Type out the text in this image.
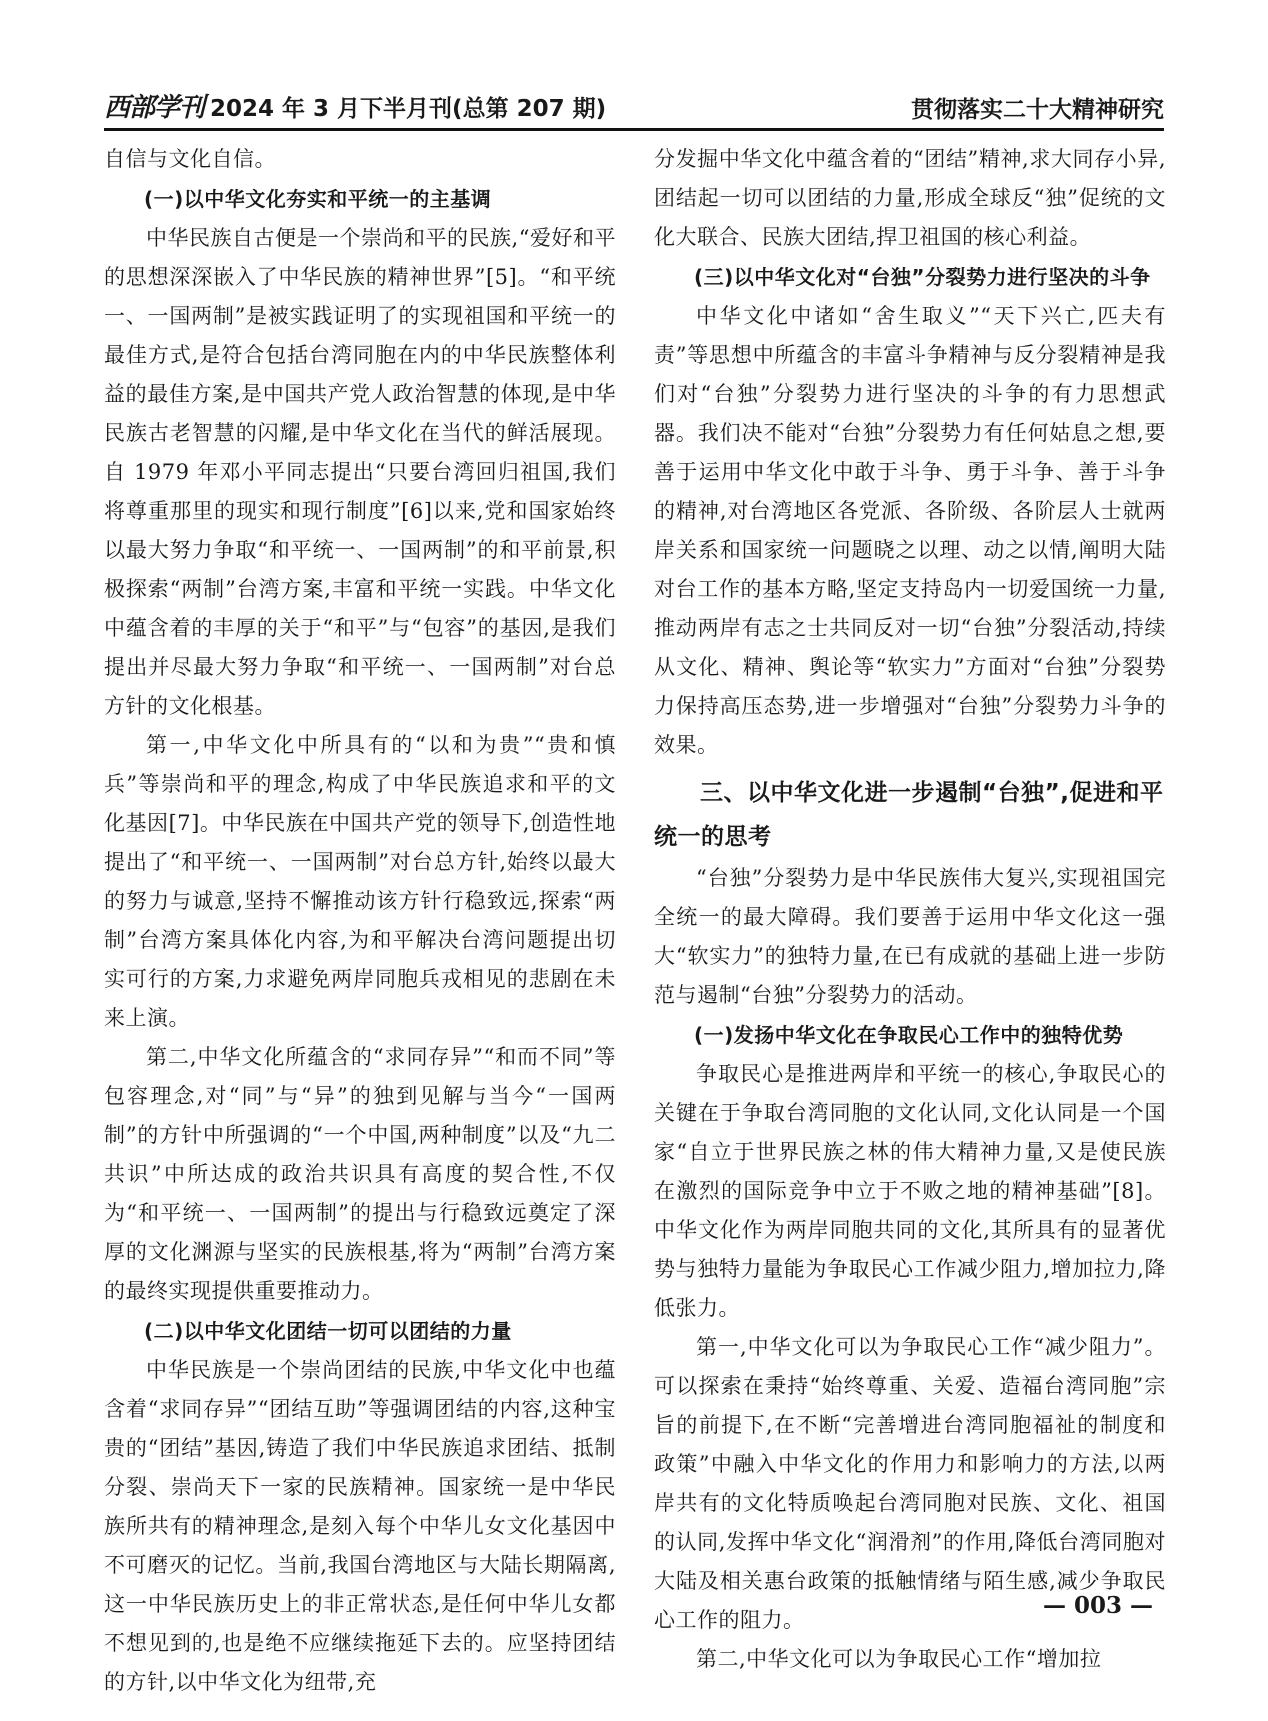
西部学刊 2024 年 3 月下半月刊(总第 207 期)	贯彻落实二十大精神研究

自信与文化自信。

(一)以中华文化夯实和平统一的主基调

中华民族自古便是一个崇尚和平的民族,“爱好和平的思想深深嵌入了中华民族的精神世界”[5]。“和平统一、一国两制”是被实践证明了的实现祖国和平统一的最佳方式,是符合包括台湾同胞在内的中华民族整体利益的最佳方案,是中国共产党人政治智慧的体现,是中华民族古老智慧的闪耀,是中华文化在当代的鲜活展现。自 1979 年邓小平同志提出“只要台湾回归祖国,我们将尊重那里的现实和现行制度”[6]以来,党和国家始终以最大努力争取“和平统一、一国两制”的和平前景,积极探索“两制”台湾方案,丰富和平统一实践。中华文化中蕴含着的丰厚的关于“和平”与“包容”的基因,是我们提出并尽最大努力争取“和平统一、一国两制”对台总方针的文化根基。

第一,中华文化中所具有的“以和为贵”“贵和慎兵”等崇尚和平的理念,构成了中华民族追求和平的文化基因[7]。中华民族在中国共产党的领导下,创造性地提出了“和平统一、一国两制”对台总方针,始终以最大的努力与诚意,坚持不懈推动该方针行稳致远,探索“两制”台湾方案具体化内容,为和平解决台湾问题提出切实可行的方案,力求避免两岸同胞兵戎相见的悲剧在未来上演。

第二,中华文化所蕴含的“求同存异”“和而不同”等包容理念,对“同”与“异”的独到见解与当今“一国两制”的方针中所强调的“一个中国,两种制度”以及“九二共识”中所达成的政治共识具有高度的契合性,不仅为“和平统一、一国两制”的提出与行稳致远奠定了深厚的文化渊源与坚实的民族根基,将为“两制”台湾方案的最终实现提供重要推动力。

(二)以中华文化团结一切可以团结的力量

中华民族是一个崇尚团结的民族,中华文化中也蕴含着“求同存异”“团结互助”等强调团结的内容,这种宝贵的“团结”基因,铸造了我们中华民族追求团结、抵制分裂、崇尚天下一家的民族精神。国家统一是中华民族所共有的精神理念,是刻入每个中华儿女文化基因中不可磨灭的记忆。当前,我国台湾地区与大陆长期隔离,这一中华民族历史上的非正常状态,是任何中华儿女都不想见到的,也是绝不应继续拖延下去的。应坚持团结的方针,以中华文化为纽带,充

分发掘中华文化中蕴含着的“团结”精神,求大同存小异,团结起一切可以团结的力量,形成全球反“独”促统的文化大联合、民族大团结,捍卫祖国的核心利益。

(三)以中华文化对“台独”分裂势力进行坚决的斗争

中华文化中诸如“舍生取义”“天下兴亡,匹夫有责”等思想中所蕴含的丰富斗争精神与反分裂精神是我们对“台独”分裂势力进行坚决的斗争的有力思想武器。我们决不能对“台独”分裂势力有任何姑息之想,要善于运用中华文化中敢于斗争、勇于斗争、善于斗争的精神,对台湾地区各党派、各阶级、各阶层人士就两岸关系和国家统一问题晓之以理、动之以情,阐明大陆对台工作的基本方略,坚定支持岛内一切爱国统一力量,推动两岸有志之士共同反对一切“台独”分裂活动,持续从文化、精神、舆论等“软实力”方面对“台独”分裂势力保持高压态势,进一步增强对“台独”分裂势力斗争的效果。

三、以中华文化进一步遏制“台独”,促进和平统一的思考

“台独”分裂势力是中华民族伟大复兴,实现祖国完全统一的最大障碍。我们要善于运用中华文化这一强大“软实力”的独特力量,在已有成就的基础上进一步防范与遏制“台独”分裂势力的活动。

(一)发扬中华文化在争取民心工作中的独特优势

争取民心是推进两岸和平统一的核心,争取民心的关键在于争取台湾同胞的文化认同,文化认同是一个国家“自立于世界民族之林的伟大精神力量,又是使民族在激烈的国际竞争中立于不败之地的精神基础”[8]。中华文化作为两岸同胞共同的文化,其所具有的显著优势与独特力量能为争取民心工作减少阻力,增加拉力,降低张力。

第一,中华文化可以为争取民心工作“减少阻力”。可以探索在秉持“始终尊重、关爱、造福台湾同胞”宗旨的前提下,在不断“完善增进台湾同胞福祉的制度和政策”中融入中华文化的作用力和影响力的方法,以两岸共有的文化特质唤起台湾同胞对民族、文化、祖国的认同,发挥中华文化“润滑剂”的作用,降低台湾同胞对大陆及相关惠台政策的抵触情绪与陌生感,减少争取民心工作的阻力。

第二,中华文化可以为争取民心工作“增加拉

— 003 —
